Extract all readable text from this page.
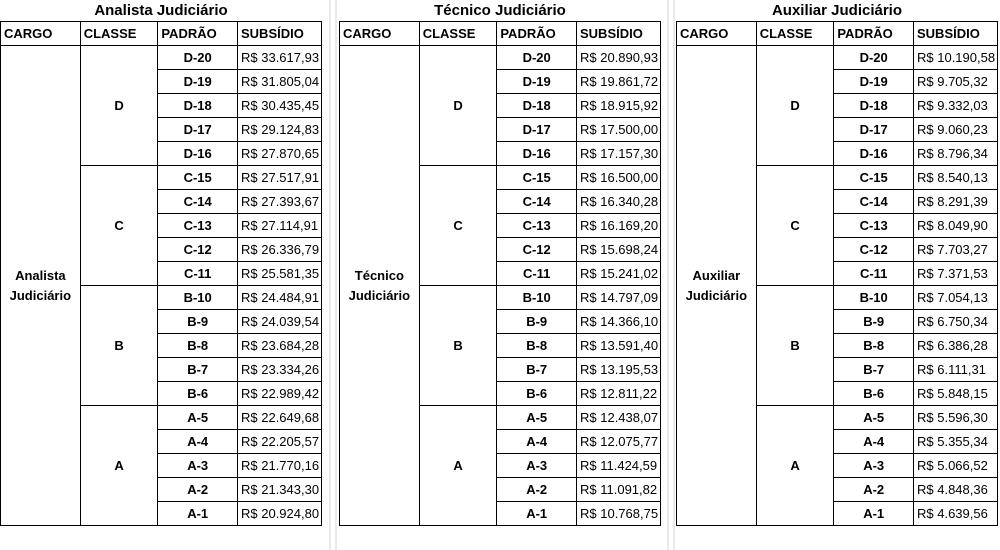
Analista Judiciário
CARGO	CLASSE	PADRÃO	SUBSÍDIO
Analista Judiciário	D	D-20	R$ 33.617,93
		D-19	R$ 31.805,04
		D-18	R$ 30.435,45
		D-17	R$ 29.124,83
		D-16	R$ 27.870,65
	C	C-15	R$ 27.517,91
		C-14	R$ 27.393,67
		C-13	R$ 27.114,91
		C-12	R$ 26.336,79
		C-11	R$ 25.581,35
	B	B-10	R$ 24.484,91
		B-9	R$ 24.039,54
		B-8	R$ 23.684,28
		B-7	R$ 23.334,26
		B-6	R$ 22.989,42
	A	A-5	R$ 22.649,68
		A-4	R$ 22.205,57
		A-3	R$ 21.770,16
		A-2	R$ 21.343,30
		A-1	R$ 20.924,80
Técnico Judiciário
CARGO	CLASSE	PADRÃO	SUBSÍDIO
Técnico Judiciário	D	D-20	R$ 20.890,93
		D-19	R$ 19.861,72
		D-18	R$ 18.915,92
		D-17	R$ 17.500,00
		D-16	R$ 17.157,30
	C	C-15	R$ 16.500,00
		C-14	R$ 16.340,28
		C-13	R$ 16.169,20
		C-12	R$ 15.698,24
		C-11	R$ 15.241,02
	B	B-10	R$ 14.797,09
		B-9	R$ 14.366,10
		B-8	R$ 13.591,40
		B-7	R$ 13.195,53
		B-6	R$ 12.811,22
	A	A-5	R$ 12.438,07
		A-4	R$ 12.075,77
		A-3	R$ 11.424,59
		A-2	R$ 11.091,82
		A-1	R$ 10.768,75
Auxiliar Judiciário
CARGO	CLASSE	PADRÃO	SUBSÍDIO
Auxiliar Judiciário	D	D-20	R$ 10.190,58
		D-19	R$ 9.705,32
		D-18	R$ 9.332,03
		D-17	R$ 9.060,23
		D-16	R$ 8.796,34
	C	C-15	R$ 8.540,13
		C-14	R$ 8.291,39
		C-13	R$ 8.049,90
		C-12	R$ 7.703,27
		C-11	R$ 7.371,53
	B	B-10	R$ 7.054,13
		B-9	R$ 6.750,34
		B-8	R$ 6.386,28
		B-7	R$ 6.111,31
		B-6	R$ 5.848,15
	A	A-5	R$ 5.596,30
		A-4	R$ 5.355,34
		A-3	R$ 5.066,52
		A-2	R$ 4.848,36
		A-1	R$ 4.639,56
